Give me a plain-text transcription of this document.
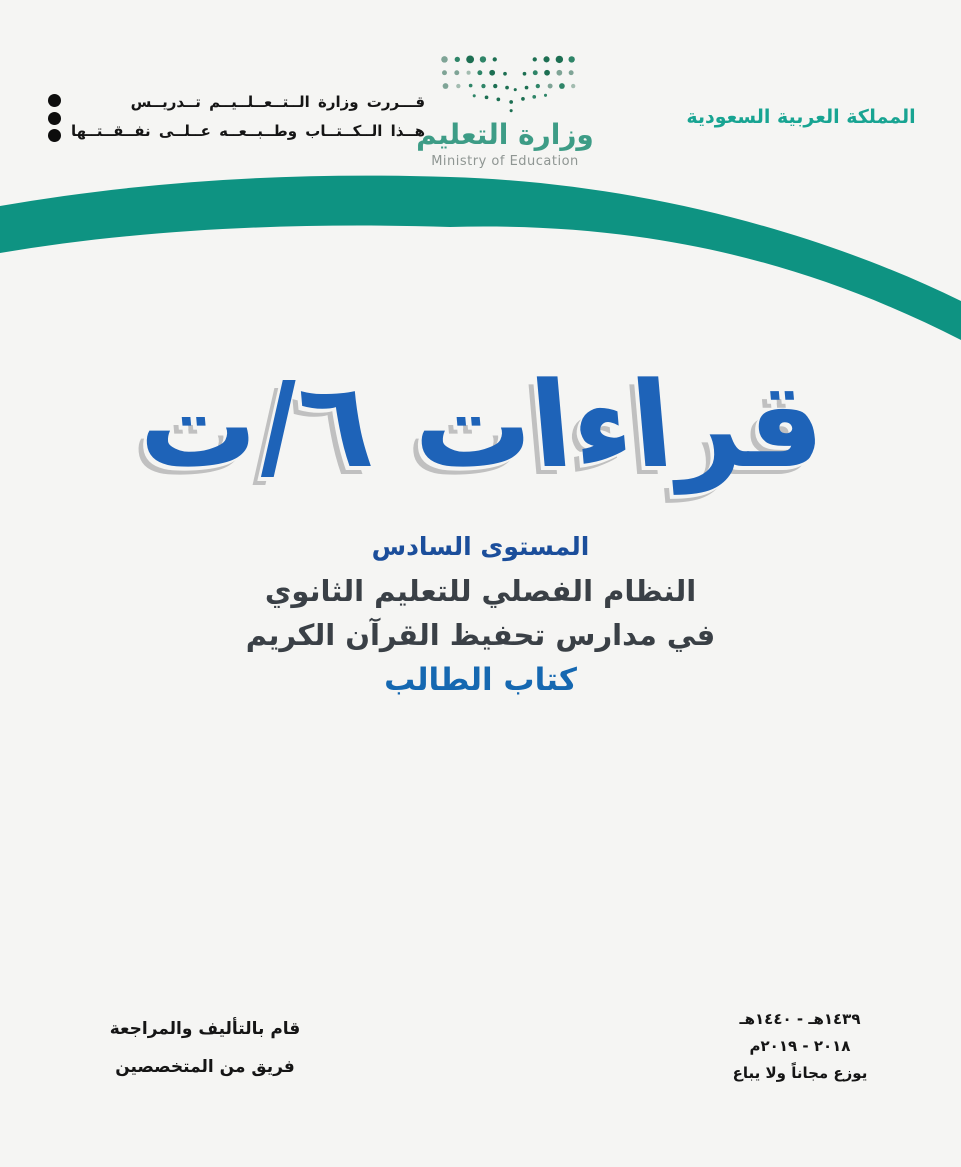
قـــررت وزارة الــتــعــلــيــم تــدريــس
هــذا الــكــتــاب وطــبــعــه عــلــى نفــقــتــها
وزارة التعليم
Ministry of Education
المملكة العربية السعودية
قراءات ٦/ت
المستوى السادس
النظام الفصلي للتعليم الثانوي
في مدارس تحفيظ القرآن الكريم
كتاب الطالب
قام بالتأليف والمراجعة
فريق من المتخصصين
١٤٣٩هـ - ١٤٤٠هـ
٢٠١٨ - ٢٠١٩م
يوزع مجاناً ولا يباع
